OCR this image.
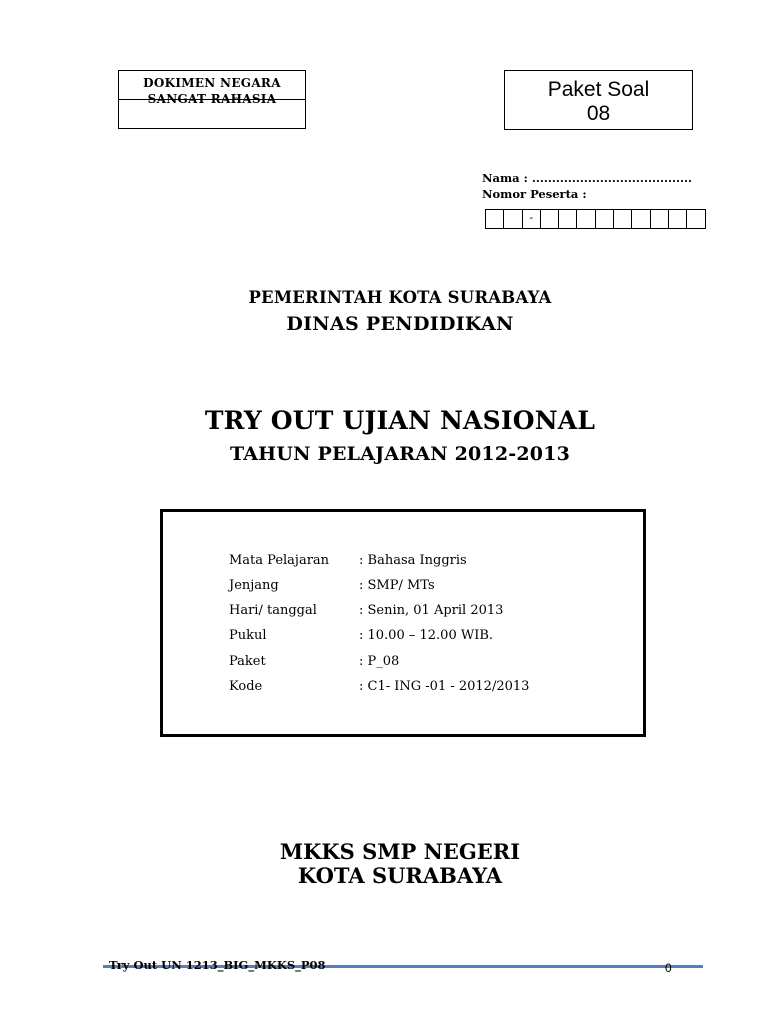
DOKIMEN NEGARA
SANGAT RAHASIA	Paket Soal
08
Nama : ........................................
Nomor Peserta :
-
PEMERINTAH KOTA SURABAYA
DINAS PENDIDIKAN
TRY OUT UJIAN NASIONAL
TAHUN PELAJARAN 2012-2013
Mata Pelajaran	: Bahasa Inggris
Jenjang	: SMP/ MTs
Hari/ tanggal	: Senin, 01 April 2013
Pukul	: 10.00 – 12.00 WIB.
Paket	: P_08
Kode	: C1- ING -01 - 2012/2013
MKKS SMP NEGERI
KOTA SURABAYA
Try Out UN 1213_BIG_MKKS_P08	0
